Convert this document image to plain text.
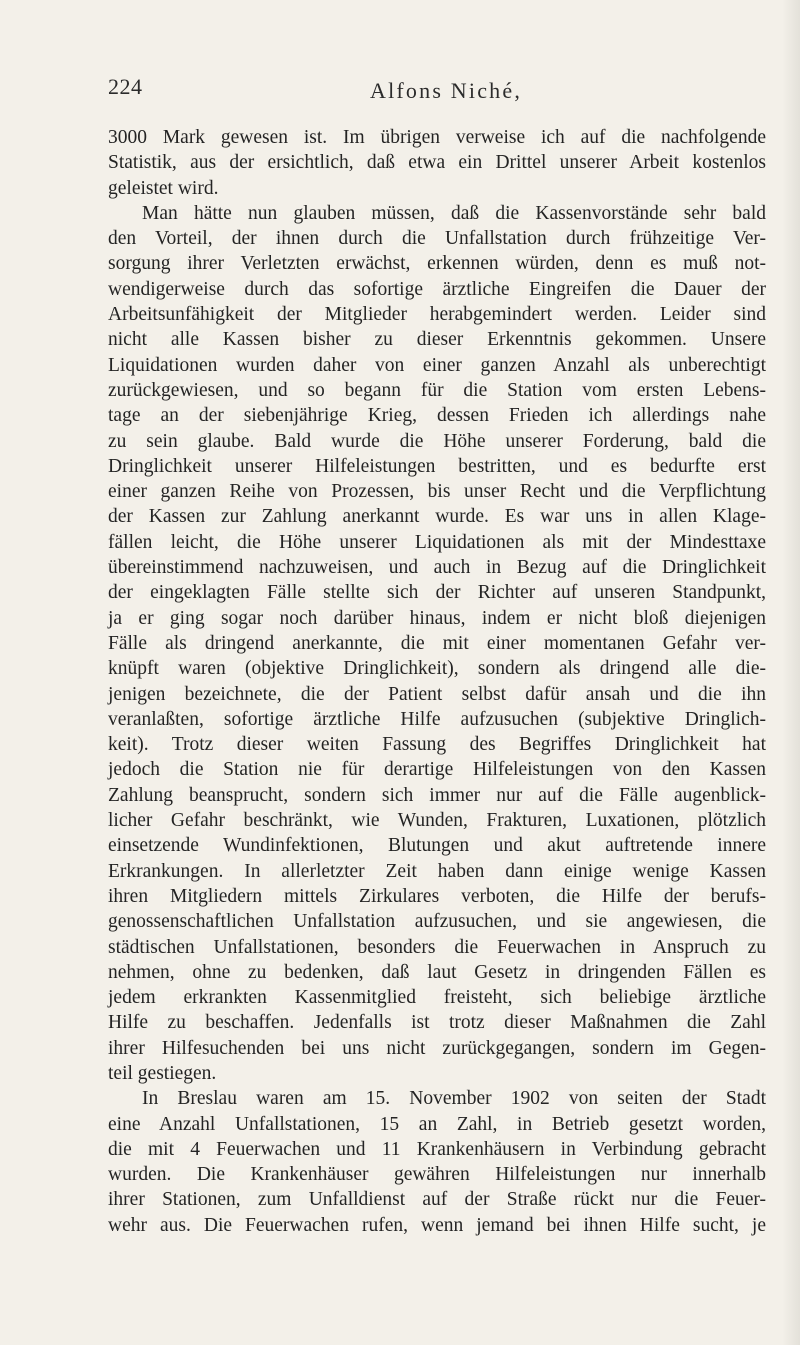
224	Alfons Niché,
3000 Mark gewesen ist. Im übrigen verweise ich auf die nachfolgende
Statistik, aus der ersichtlich, daß etwa ein Drittel unserer Arbeit kostenlos
geleistet wird.
Man hätte nun glauben müssen, daß die Kassenvorstände sehr bald
den Vorteil, der ihnen durch die Unfallstation durch frühzeitige Ver-
sorgung ihrer Verletzten erwächst, erkennen würden, denn es muß not-
wendigerweise durch das sofortige ärztliche Eingreifen die Dauer der
Arbeitsunfähigkeit der Mitglieder herabgemindert werden. Leider sind
nicht alle Kassen bisher zu dieser Erkenntnis gekommen. Unsere
Liquidationen wurden daher von einer ganzen Anzahl als unberechtigt
zurückgewiesen, und so begann für die Station vom ersten Lebens-
tage an der siebenjährige Krieg, dessen Frieden ich allerdings nahe
zu sein glaube. Bald wurde die Höhe unserer Forderung, bald die
Dringlichkeit unserer Hilfeleistungen bestritten, und es bedurfte erst
einer ganzen Reihe von Prozessen, bis unser Recht und die Verpflichtung
der Kassen zur Zahlung anerkannt wurde. Es war uns in allen Klage-
fällen leicht, die Höhe unserer Liquidationen als mit der Mindesttaxe
übereinstimmend nachzuweisen, und auch in Bezug auf die Dringlichkeit
der eingeklagten Fälle stellte sich der Richter auf unseren Standpunkt,
ja er ging sogar noch darüber hinaus, indem er nicht bloß diejenigen
Fälle als dringend anerkannte, die mit einer momentanen Gefahr ver-
knüpft waren (objektive Dringlichkeit), sondern als dringend alle die-
jenigen bezeichnete, die der Patient selbst dafür ansah und die ihn
veranlaßten, sofortige ärztliche Hilfe aufzusuchen (subjektive Dringlich-
keit). Trotz dieser weiten Fassung des Begriffes Dringlichkeit hat
jedoch die Station nie für derartige Hilfeleistungen von den Kassen
Zahlung beansprucht, sondern sich immer nur auf die Fälle augenblick-
licher Gefahr beschränkt, wie Wunden, Frakturen, Luxationen, plötzlich
einsetzende Wundinfektionen, Blutungen und akut auftretende innere
Erkrankungen. In allerletzter Zeit haben dann einige wenige Kassen
ihren Mitgliedern mittels Zirkulares verboten, die Hilfe der berufs-
genossenschaftlichen Unfallstation aufzusuchen, und sie angewiesen, die
städtischen Unfallstationen, besonders die Feuerwachen in Anspruch zu
nehmen, ohne zu bedenken, daß laut Gesetz in dringenden Fällen es
jedem erkrankten Kassenmitglied freisteht, sich beliebige ärztliche
Hilfe zu beschaffen. Jedenfalls ist trotz dieser Maßnahmen die Zahl
ihrer Hilfesuchenden bei uns nicht zurückgegangen, sondern im Gegen-
teil gestiegen.
In Breslau waren am 15. November 1902 von seiten der Stadt
eine Anzahl Unfallstationen, 15 an Zahl, in Betrieb gesetzt worden,
die mit 4 Feuerwachen und 11 Krankenhäusern in Verbindung gebracht
wurden. Die Krankenhäuser gewähren Hilfeleistungen nur innerhalb
ihrer Stationen, zum Unfalldienst auf der Straße rückt nur die Feuer-
wehr aus. Die Feuerwachen rufen, wenn jemand bei ihnen Hilfe sucht, je
